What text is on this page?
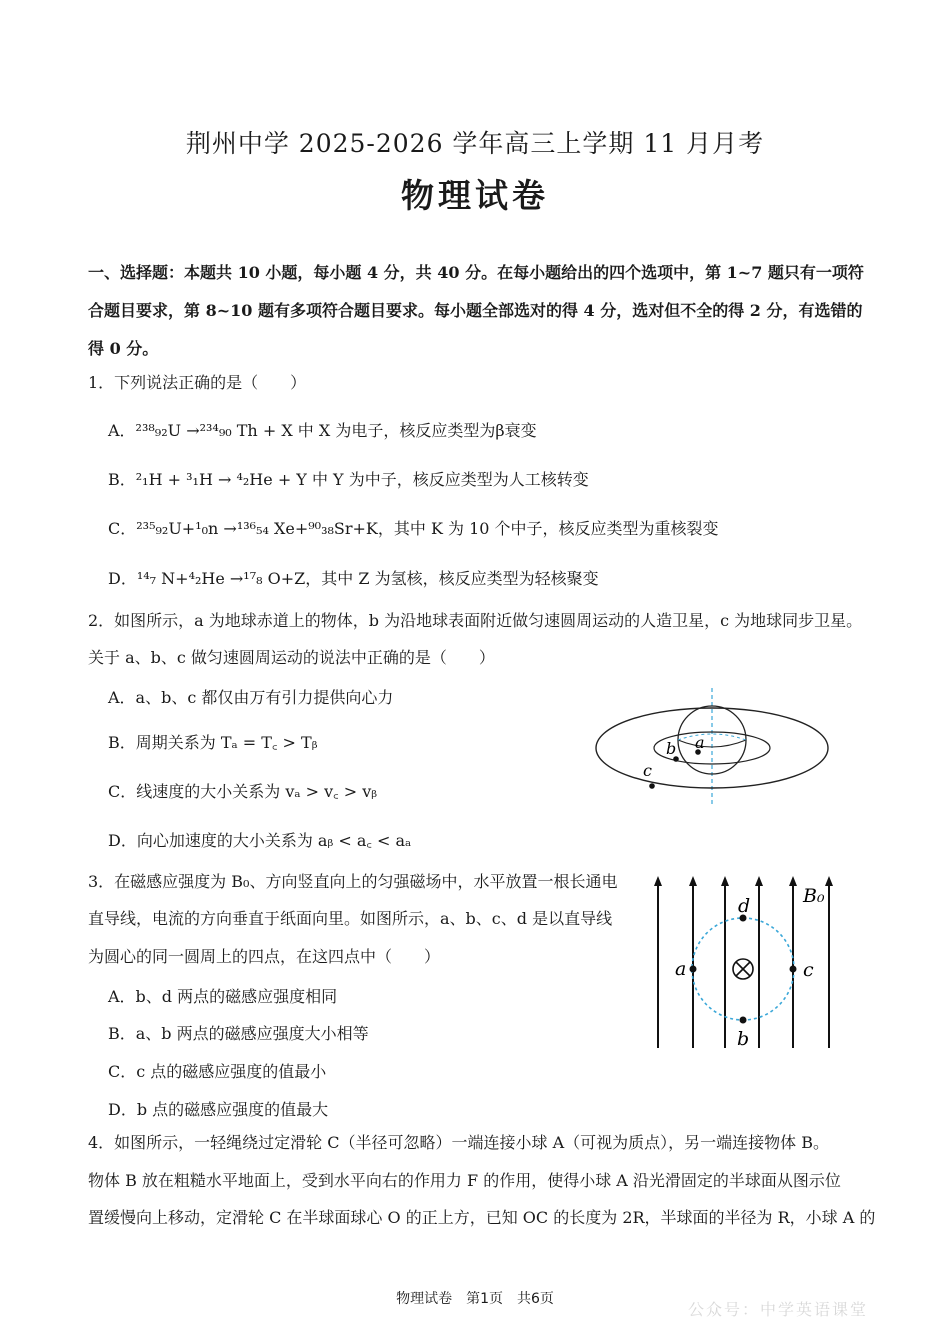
荆州中学 2025-2026 学年高三上学期 11 月月考
物理试卷
一、选择题：本题共 10 小题，每小题 4 分，共 40 分。在每小题给出的四个选项中，第 1~7 题只有一项符
合题目要求，第 8~10 题有多项符合题目要求。每小题全部选对的得 4 分，选对但不全的得 2 分，有选错的
得 0 分。
1．下列说法正确的是（　　）
A．²³⁸₉₂U →²³⁴₉₀ Th + X 中 X 为电子，核反应类型为β衰变
B．²₁H + ³₁H → ⁴₂He + Y 中 Y 为中子，核反应类型为人工核转变
C．²³⁵₉₂U+¹₀n →¹³⁶₅₄ Xe+⁹⁰₃₈Sr+K，其中 K 为 10 个中子，核反应类型为重核裂变
D．¹⁴₇ N+⁴₂He →¹⁷₈ O+Z，其中 Z 为氢核，核反应类型为轻核聚变
2．如图所示，a 为地球赤道上的物体，b 为沿地球表面附近做匀速圆周运动的人造卫星，c 为地球同步卫星。
关于 a、b、c 做匀速圆周运动的说法中正确的是（　　）
A．a、b、c 都仅由万有引力提供向心力
B．周期关系为 Tₐ = T꜀ > Tᵦ
C．线速度的大小关系为 vₐ > v꜀ > vᵦ
D．向心加速度的大小关系为 aᵦ < a꜀ < aₐ
a
b
c
3．在磁感应强度为 B₀、方向竖直向上的匀强磁场中，水平放置一根长通电
直导线，电流的方向垂直于纸面向里。如图所示，a、b、c、d 是以直导线
为圆心的同一圆周上的四点，在这四点中（　　）
A．b、d 两点的磁感应强度相同
B．a、b 两点的磁感应强度大小相等
C．c 点的磁感应强度的值最小
D．b 点的磁感应强度的值最大
a	c
d
b
B₀
4．如图所示，一轻绳绕过定滑轮 C（半径可忽略）一端连接小球 A（可视为质点），另一端连接物体 B。
物体 B 放在粗糙水平地面上，受到水平向右的作用力 F 的作用，使得小球 A 沿光滑固定的半球面从图示位
置缓慢向上移动，定滑轮 C 在半球面球心 O 的正上方，已知 OC 的长度为 2R，半球面的半径为 R，小球 A 的
物理试卷　第1页　共6页
公众号：中学英语课堂
